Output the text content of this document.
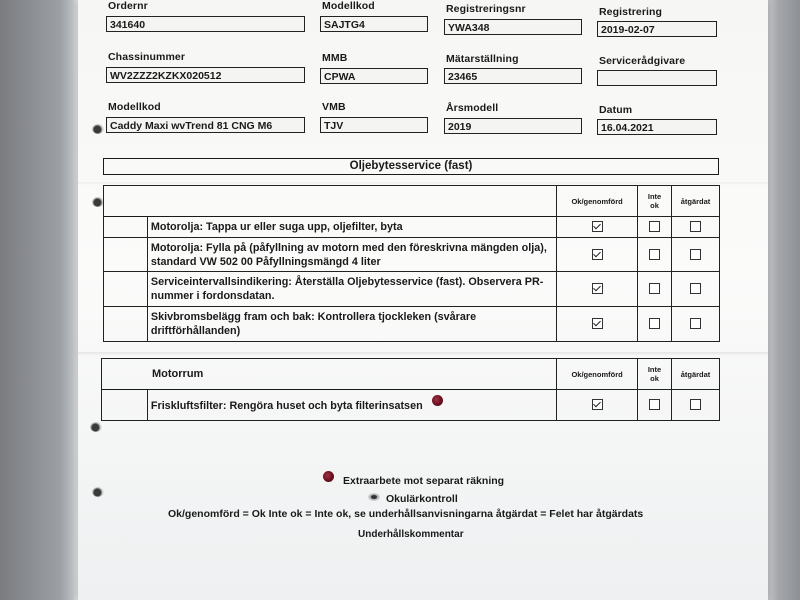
Ordernr
341640
Modellkod
SAJTG4
Registreringsnr
YWA348
Registrering
2019-02-07
Chassinummer
WV2ZZZ2KZKX020512
MMB
CPWA
Mätarställning
23465
Servicerådgivare
Modellkod
Caddy Maxi wvTrend 81 CNG M6
VMB
TJV
Årsmodell
2019
Datum
16.04.2021
Oljebytesservice (fast)
		Ok/genomförd	Inte
ok	åtgärdat
	Motorolja: Tappa ur eller suga upp, oljefilter, byta			
	Motorolja: Fylla på (påfyllning av motorn med den föreskrivna mängden olja), standard VW 502 00 Påfyllningsmängd 4 liter			
	Serviceintervallsindikering: Återställa Oljebytesservice (fast). Observera PR-nummer i fordonsdatan.			
	Skivbromsbelägg fram och bak: Kontrollera tjockleken (svårare driftförhållanden)			
Motorrum		Ok/genomförd	Inte
ok	åtgärdat
	Friskluftsfilter: Rengöra huset och byta filterinsatsen			
Extraarbete mot separat räkning
Okulärkontroll
Ok/genomförd = Ok Inte ok = Inte ok, se underhållsanvisningarna åtgärdat = Felet har åtgärdats
Underhållskommentar
